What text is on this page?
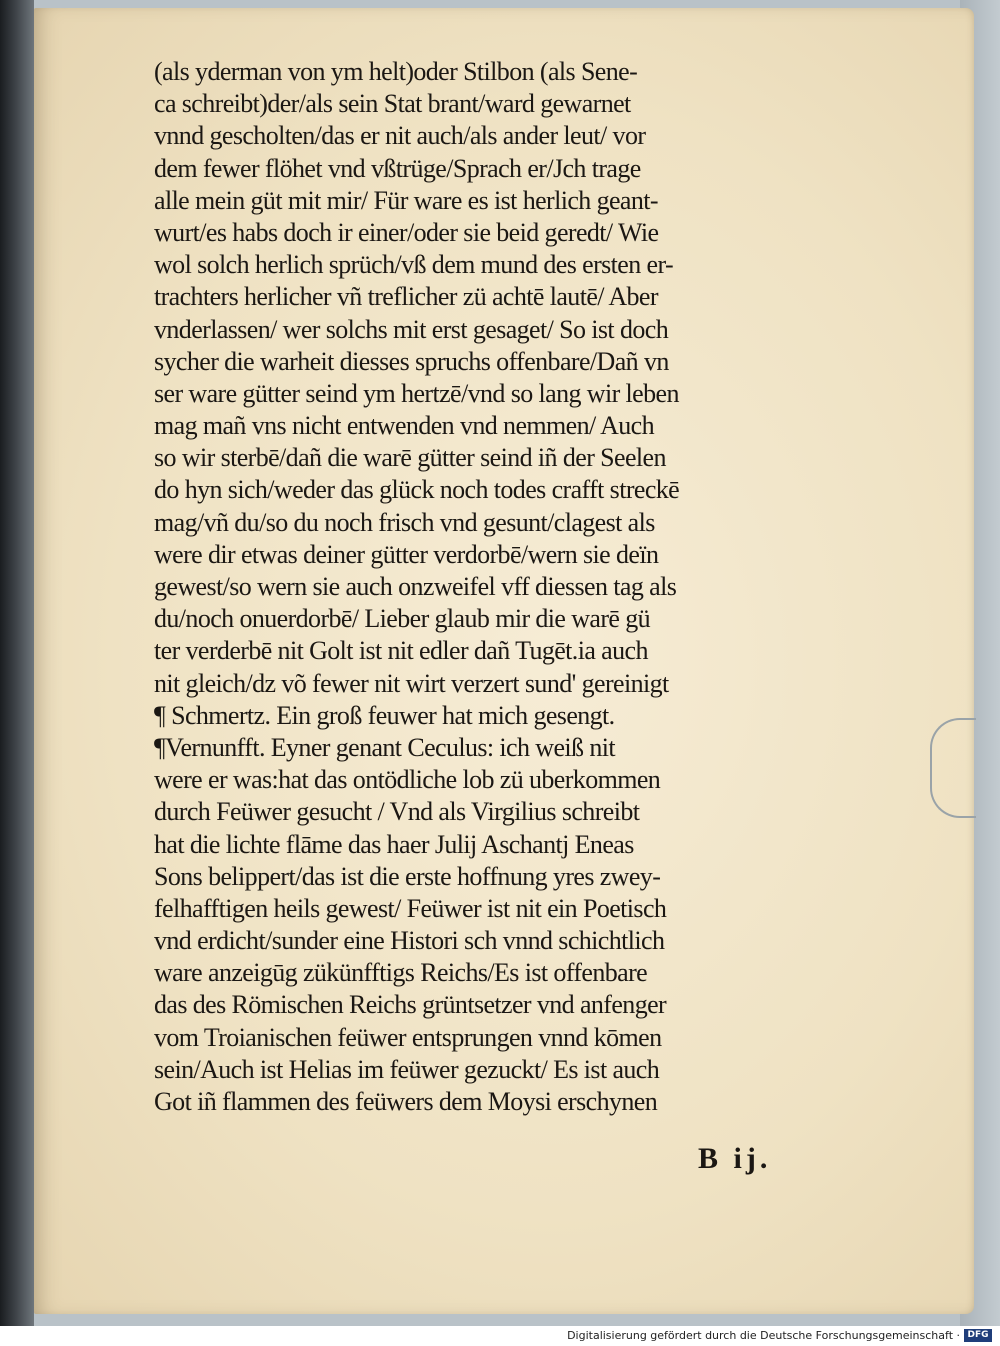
(als yderman von ym helt)oder Stilbon (als Sene-
ca schreibt)der/als sein Stat brant/ward gewarnet
vnnd gescholten/das er nit auch/als ander leut/ vor
dem fewer flöhet vnd vßtrüge/Sprach er/Jch trage
alle mein güt mit mir/ Für ware es ist herlich geant-
wurt/es habs doch ir einer/oder sie beid geredt/ Wie
wol solch herlich sprüch/vß dem mund des ersten er-
trachters herlicher vñ treflicher zü achtē lautē/ Aber
vnderlassen/ wer solchs mit erst gesaget/ So ist doch
sycher die warheit diesses spruchs offenbare/Dañ vn
ser ware gütter seind ym hertzē/vnd so lang wir leben
mag mañ vns nicht entwenden vnd nemmen/ Auch
so wir sterbē/dañ die warē gütter seind iñ der Seelen
do hyn sich/weder das glück noch todes crafft streckē
mag/vñ du/so du noch frisch vnd gesunt/clagest als
were dir etwas deiner gütter verdorbē/wern sie deïn
gewest/so wern sie auch onzweifel vff diessen tag als
du/noch onuerdorbē/ Lieber glaub mir die warē gü
ter verderbē nit Golt ist nit edler dañ Tugēt.ia auch
nit gleich/dz võ fewer nit wirt verzert sund' gereinigt
¶ Schmertz. Ein groß feuwer hat mich gesengt.
¶Vernunfft. Eyner genant Ceculus: ich weiß nit
were er was:hat das ontödliche lob zü uberkommen
durch Feüwer gesucht / Vnd als Virgilius schreibt
hat die lichte flāme das haer Julij Aschantj Eneas
Sons belippert/das ist die erste hoffnung yres zwey-
felhafftigen heils gewest/ Feüwer ist nit ein Poetisch
vnd erdicht/sunder eine Histori sch vnnd schichtlich
ware anzeigūg zükünfftigs Reichs/Es ist offenbare
das des Römischen Reichs grüntsetzer vnd anfenger
vom Troianischen feüwer entsprungen vnnd kōmen
sein/Auch ist Helias im feüwer gezuckt/ Es ist auch
Got iñ flammen des feüwers dem Moysi erschynen
B ij.
Digitalisierung gefördert durch die Deutsche Forschungsgemeinschaft · DFG
